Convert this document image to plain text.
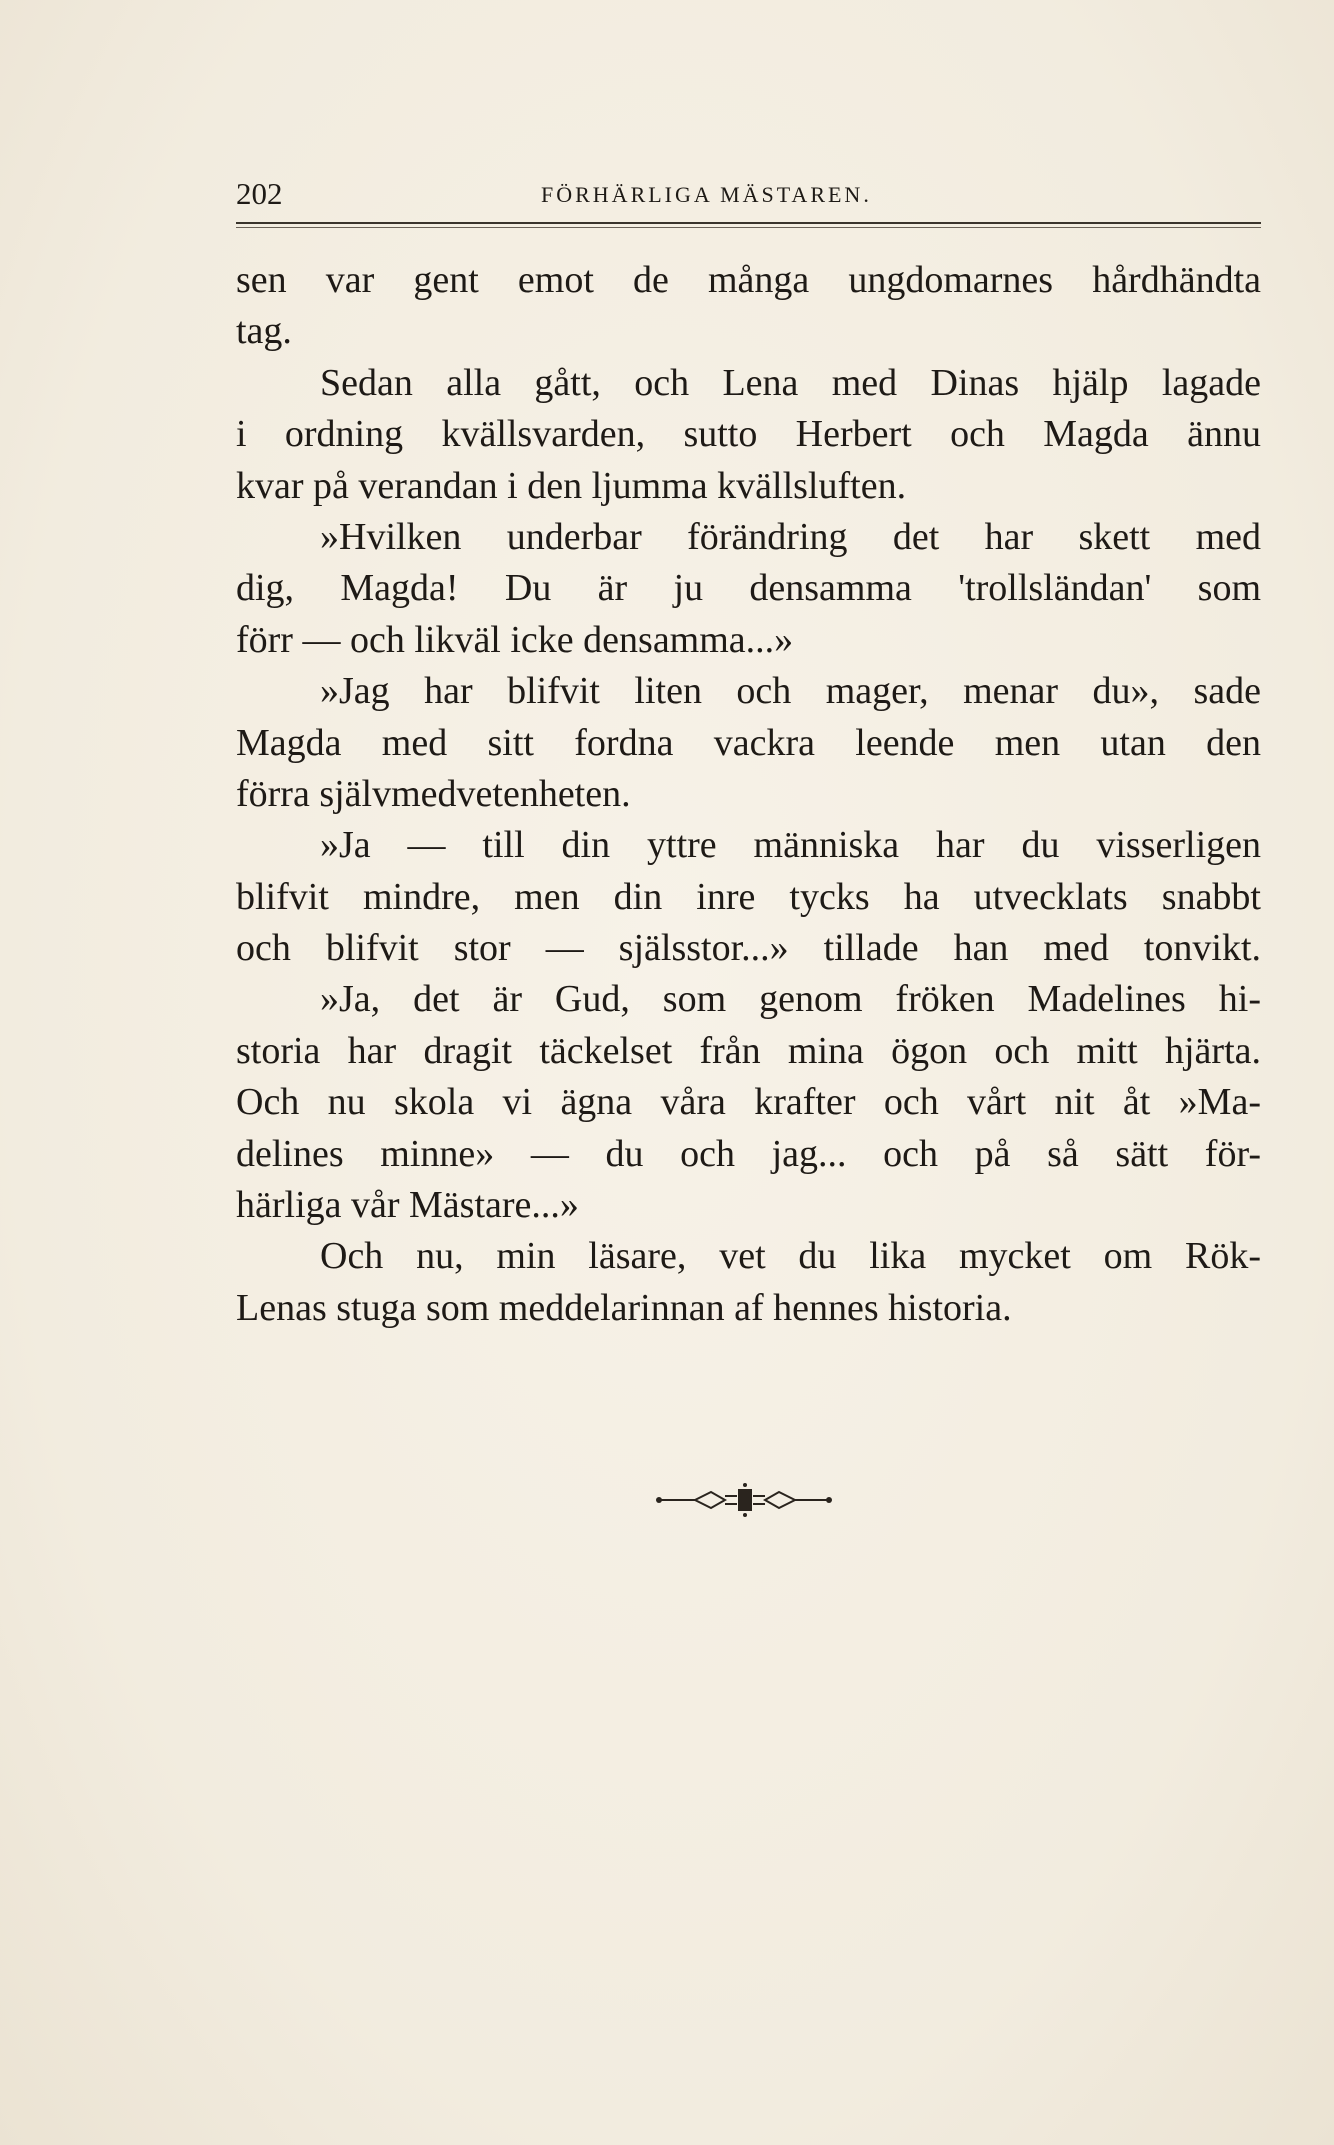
202	FÖRHÄRLIGA MÄSTAREN.
sen var gent emot de många ungdomarnes hårdhändta
tag.
Sedan alla gått, och Lena med Dinas hjälp lagade
i ordning kvällsvarden, sutto Herbert och Magda ännu
kvar på verandan i den ljumma kvällsluften.
»Hvilken underbar förändring det har skett med
dig, Magda! Du är ju densamma 'trollsländan' som
förr — och likväl icke densamma...»
»Jag har blifvit liten och mager, menar du», sade
Magda med sitt fordna vackra leende men utan den
förra självmedvetenheten.
»Ja — till din yttre människa har du visserligen
blifvit mindre, men din inre tycks ha utvecklats snabbt
och blifvit stor — själsstor...» tillade han med tonvikt.
»Ja, det är Gud, som genom fröken Madelines hi-
storia har dragit täckelset från mina ögon och mitt hjärta.
Och nu skola vi ägna våra krafter och vårt nit åt »Ma-
delines minne» — du och jag... och på så sätt för-
härliga vår Mästare...»
Och nu, min läsare, vet du lika mycket om Rök-
Lenas stuga som meddelarinnan af hennes historia.
